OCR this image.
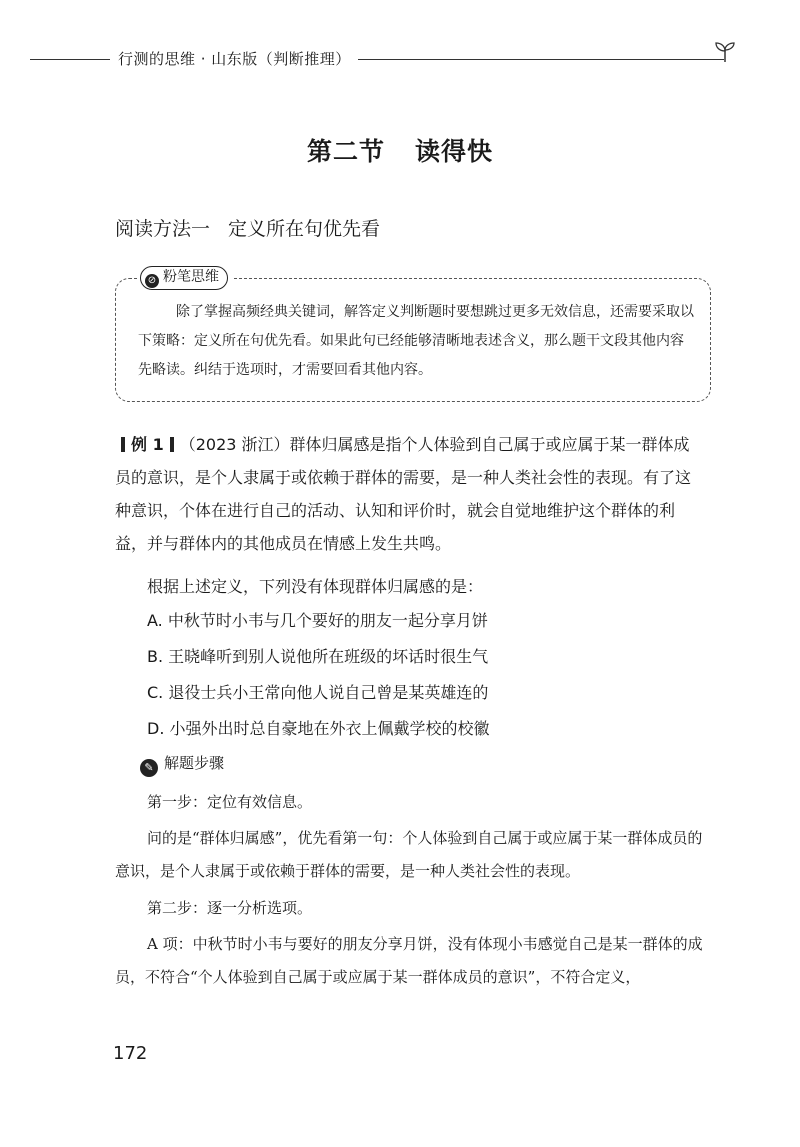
行测的思维 · 山东版（判断推理）
第二节 读得快
阅读方法一 定义所在句优先看
⊘ 粉笔思维
除了掌握高频经典关键词，解答定义判断题时要想跳过更多无效信息，还需要采取以下策略：定义所在句优先看。如果此句已经能够清晰地表述含义，那么题干文段其他内容先略读。纠结于选项时，才需要回看其他内容。

例 1 （2023 浙江）群体归属感是指个人体验到自己属于或应属于某一群体成员的意识，是个人隶属于或依赖于群体的需要，是一种人类社会性的表现。有了这种意识，个体在进行自己的活动、认知和评价时，就会自觉地维护这个群体的利益，并与群体内的其他成员在情感上发生共鸣。

根据上述定义，下列没有体现群体归属感的是：

A. 中秋节时小韦与几个要好的朋友一起分享月饼

B. 王晓峰听到别人说他所在班级的坏话时很生气

C. 退役士兵小王常向他人说自己曾是某英雄连的

D. 小强外出时总自豪地在外衣上佩戴学校的校徽

✎ 解题步骤

第一步：定位有效信息。

问的是“群体归属感”，优先看第一句：个人体验到自己属于或应属于某一群体成员的意识，是个人隶属于或依赖于群体的需要，是一种人类社会性的表现。

第二步：逐一分析选项。

A 项：中秋节时小韦与要好的朋友分享月饼，没有体现小韦感觉自己是某一群体的成员，不符合“个人体验到自己属于或应属于某一群体成员的意识”，不符合定义，

172
